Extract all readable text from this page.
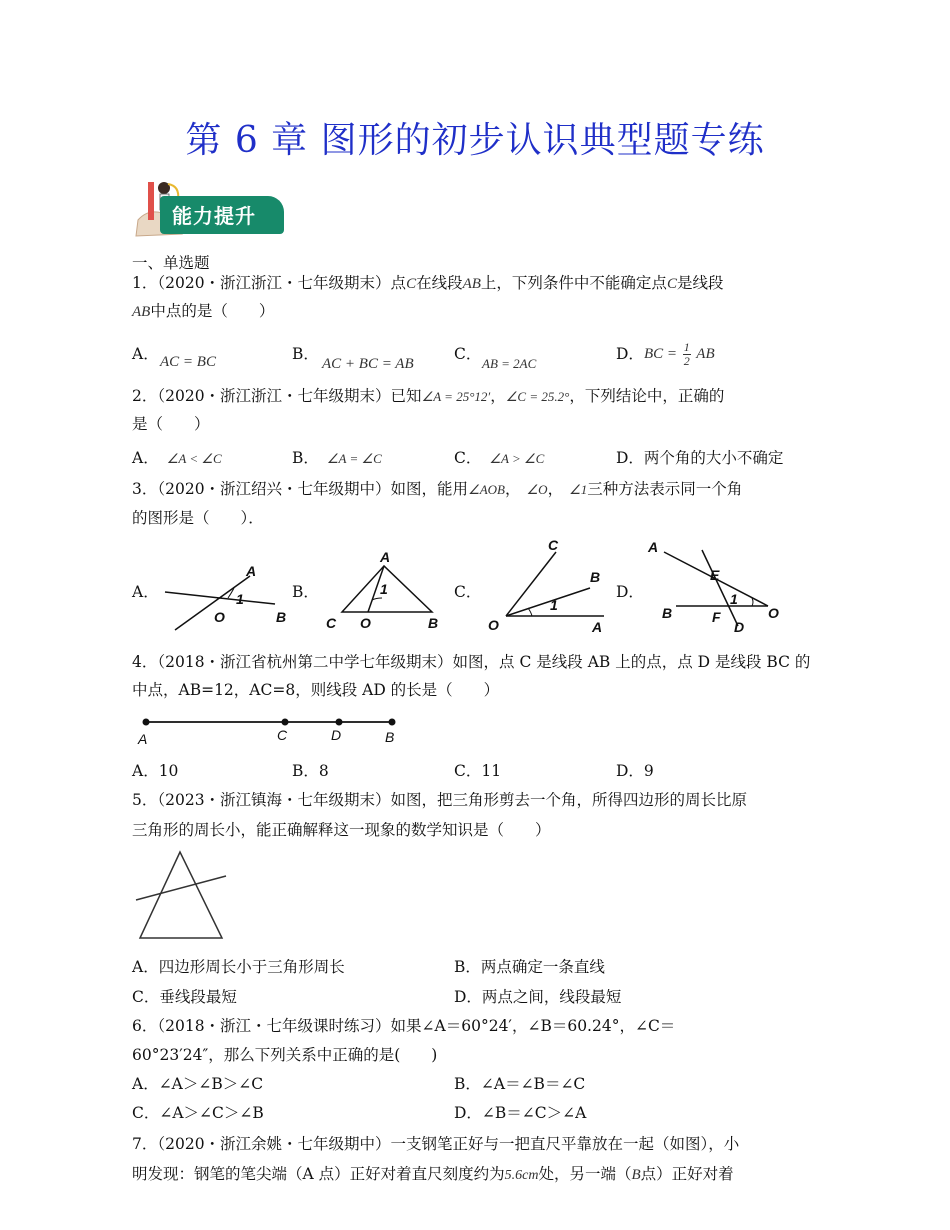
第 6 章 图形的初步认识典型题专练
能力提升
一、单选题
1．（2020・浙江浙江・七年级期末）点C在线段AB上，下列条件中不能确定点C是线段
AB中点的是（　　）
A． AC = BC	B．
AC + BC = AB
C．
AB = 2AC
D． BC = $\frac{1}{2}$ AB
2．（2020・浙江浙江・七年级期末）已知∠A = 25°12′，∠C = 25.2°，下列结论中，正确的
是（　　）
A． ∠A < ∠C	B． ∠A = ∠C	C． ∠A > ∠C	D．两个角的大小不确定
3．（2020・浙江绍兴・七年级期中）如图，能用∠AOB， ∠O， ∠1三种方法表示同一个角
的图形是（　　）．
A．
A
O	B
1	B．
A
C O	B
1	C．
C
B
O	A
1
D．
A
E
B	F
D
O
1
4．（2018・浙江省杭州第二中学七年级期末）如图，点 C 是线段 AB 上的点，点 D 是线段 BC 的
中点，AB=12，AC=8，则线段 AD 的长是（　　）
A	C	D	B
A．10	B．8	C．11	D．9
5．（2023・浙江镇海・七年级期末）如图，把三角形剪去一个角，所得四边形的周长比原
三角形的周长小，能正确解释这一现象的数学知识是（　　）
A．四边形周长小于三角形周长	B．两点确定一条直线
C．垂线段最短	D．两点之间，线段最短
6．（2018・浙江・七年级课时练习）如果∠A＝60°24′，∠B＝60.24°，∠C＝
60°23′24″，那么下列关系中正确的是(　　)
A．∠A＞∠B＞∠C	B．∠A＝∠B＝∠C
C．∠A＞∠C＞∠B	D．∠B＝∠C＞∠A
7．（2020・浙江余姚・七年级期中）一支钢笔正好与一把直尺平靠放在一起（如图），小
明发现：钢笔的笔尖端（A 点）正好对着直尺刻度约为5.6cm处，另一端（B点）正好对着
